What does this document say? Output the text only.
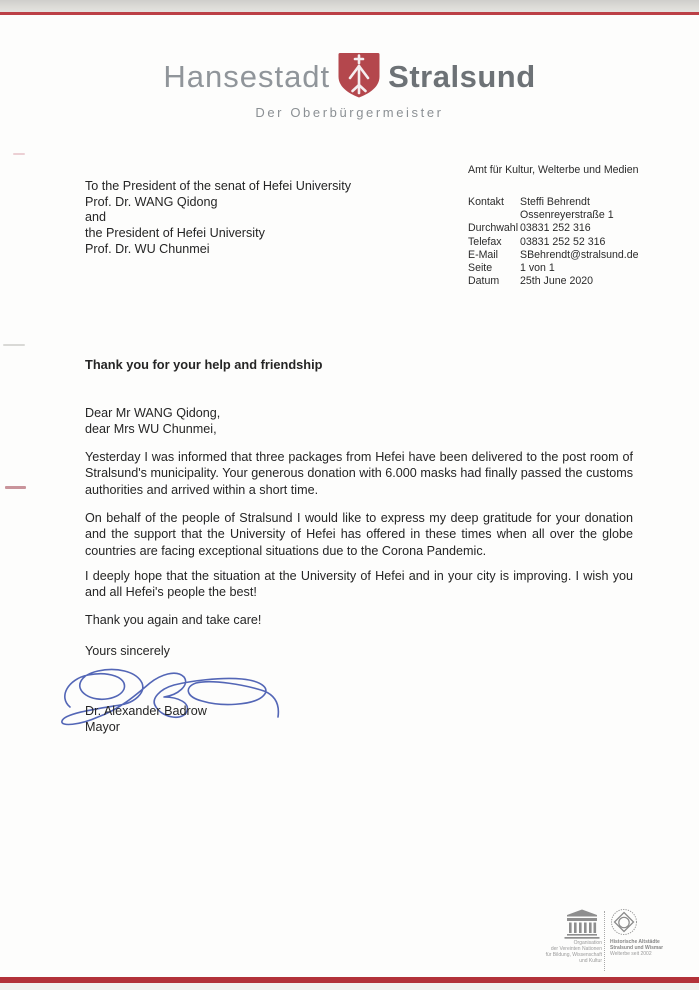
Hansestadt Stralsund
Der Oberbürgermeister
Amt für Kultur, Welterbe und Medien
To the President of the senat of Hefei University
Prof. Dr. WANG Qidong
and
the President of Hefei University
Prof. Dr. WU Chunmei
Kontakt	Steffi Behrendt
Ossenreyerstraße 1
Durchwahl 03831 252 316
Telefax	03831 252 52 316
E-Mail	SBehrendt@stralsund.de
Seite	1 von 1
Datum	25th June 2020
Thank you for your help and friendship
Dear Mr WANG Qidong,
dear Mrs WU Chunmei,

Yesterday I was informed that three packages from Hefei have been delivered to the post room of Stralsund's municipality. Your generous donation with 6.000 masks had finally passed the customs authorities and arrived within a short time.

On behalf of the people of Stralsund I would like to express my deep gratitude for your donation and the support that the University of Hefei has offered in these times when all over the globe countries are facing exceptional situations due to the Corona Pandemic.

I deeply hope that the situation at the University of Hefei and in your city is improving. I wish you and all Hefei's people the best!

Thank you again and take care!

Yours sincerely
Dr. Alexander Badrow
Mayor
Organisation
der Vereinten Nationen
für Bildung, Wissenschaft
und Kultur
Historische Altstädte
Stralsund und Wismar
Welterbe seit 2002
